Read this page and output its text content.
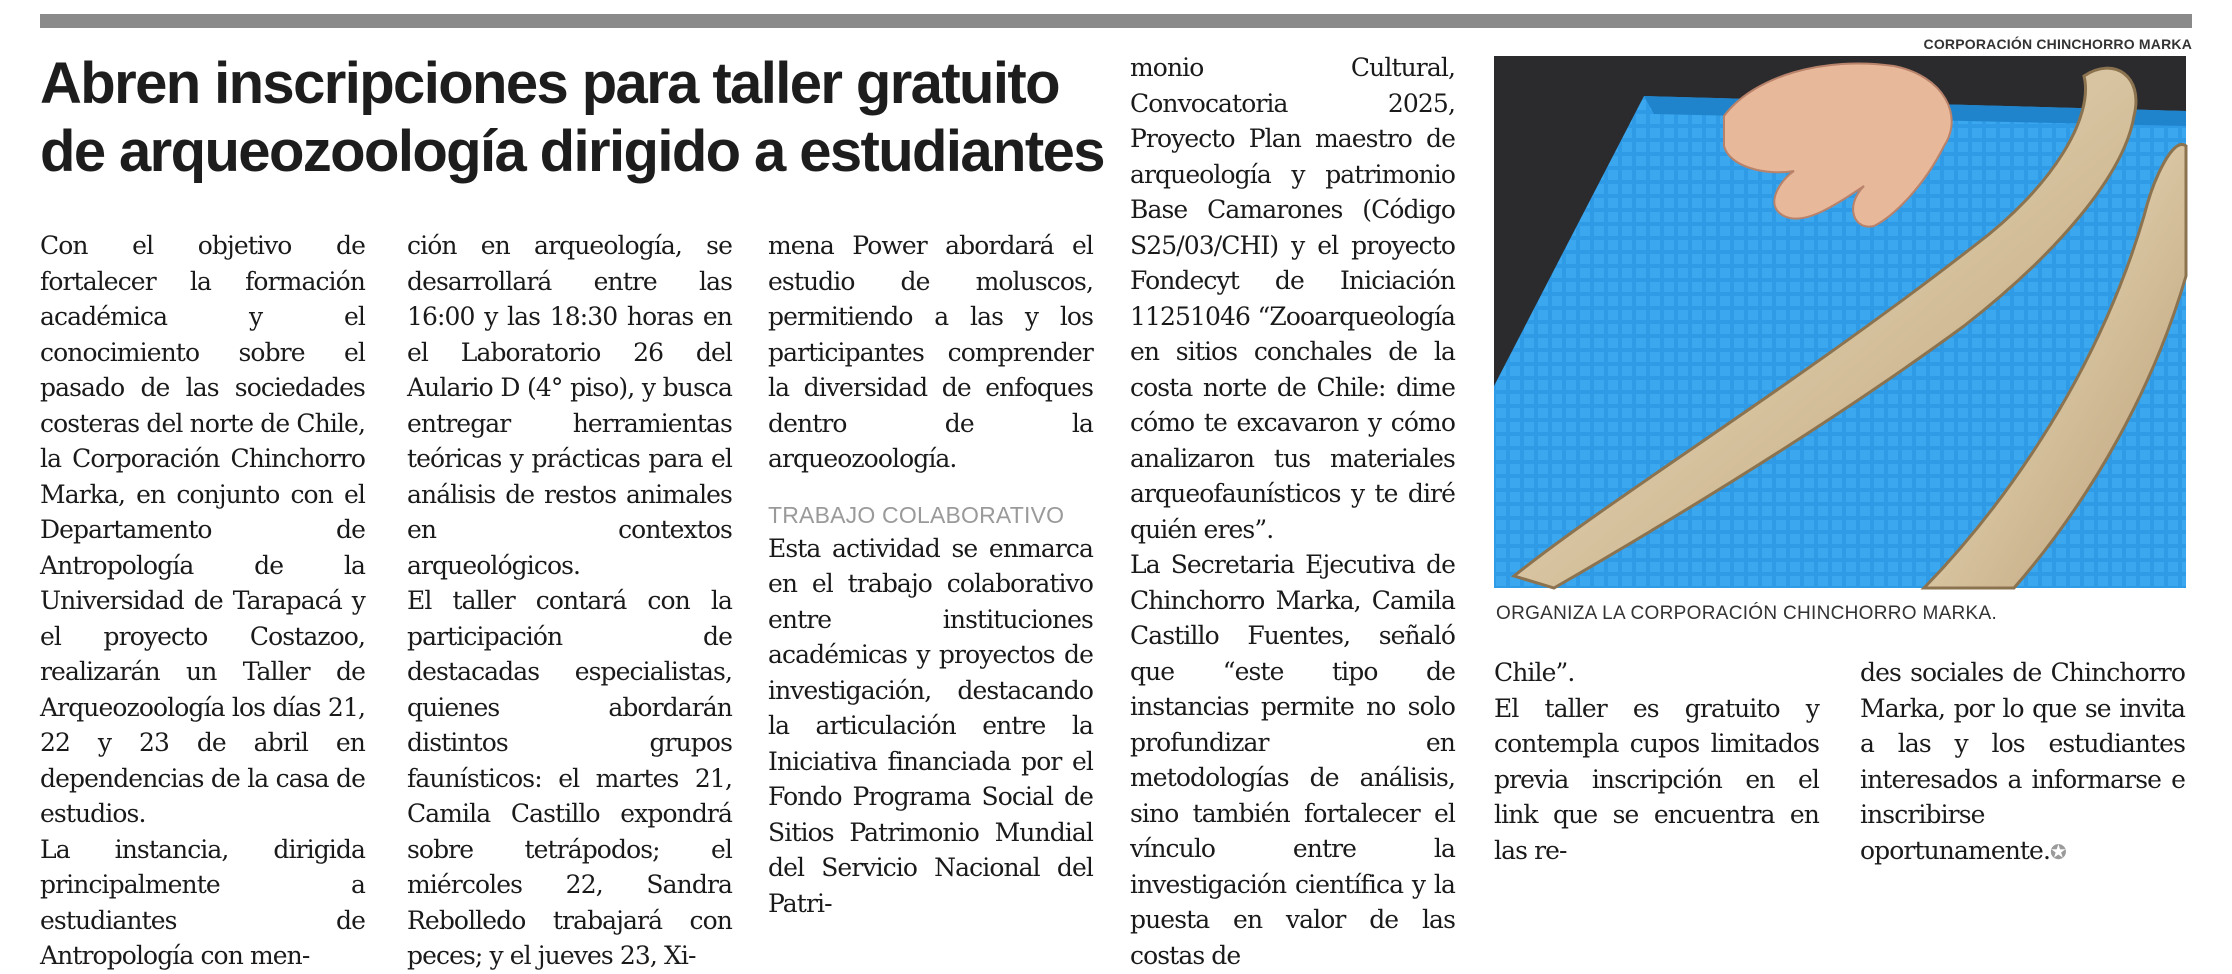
Abren inscripciones para taller gratuito de arqueozoología dirigido a estudiantes
CORPORACIÓN CHINCHORRO MARKA
ORGANIZA LA CORPORACIÓN CHINCHORRO MARKA.

Con el objetivo de fortalecer la formación académica y el conocimiento sobre el pasado de las sociedades costeras del norte de Chile, la Corporación Chinchorro Marka, en conjunto con el Departamento de Antropología de la Universidad de Tarapacá y el proyecto Costazoo, realizarán un Taller de Arqueozoología los días 21, 22 y 23 de abril en dependencias de la casa de estudios.

La instancia, dirigida principalmente a estudiantes de Antropología con men-

ción en arqueología, se desarrollará entre las 16:00 y las 18:30 horas en el Laboratorio 26 del Aulario D (4° piso), y busca entregar herramientas teóricas y prácticas para el análisis de restos animales en contextos arqueológicos.

El taller contará con la participación de destacadas especialistas, quienes abordarán distintos grupos faunísticos: el martes 21, Camila Castillo expondrá sobre tetrápodos; el miércoles 22, Sandra Rebolledo trabajará con peces; y el jueves 23, Xi-

mena Power abordará el estudio de moluscos, permitiendo a las y los participantes comprender la diversidad de enfoques dentro de la arqueozoología.

TRABAJO COLABORATIVO

Esta actividad se enmarca en el trabajo colaborativo entre instituciones académicas y proyectos de investigación, destacando la articulación entre la Iniciativa financiada por el Fondo Programa Social de Sitios Patrimonio Mundial del Servicio Nacional del Patri-

monio Cultural, Convocatoria 2025, Proyecto Plan maestro de arqueología y patrimonio Base Camarones (Código S25/03/CHI) y el proyecto Fondecyt de Iniciación 11251046 “Zooarqueología en sitios conchales de la costa norte de Chile: dime cómo te excavaron y cómo analizaron tus materiales arqueofaunísticos y te diré quién eres”.

La Secretaria Ejecutiva de Chinchorro Marka, Camila Castillo Fuentes, señaló que “este tipo de instancias permite no solo profundizar en metodologías de análisis, sino también fortalecer el vínculo entre la investigación científica y la puesta en valor de las costas de

Chile”.

El taller es gratuito y contempla cupos limitados previa inscripción en el link que se encuentra en las re-

des sociales de Chinchorro Marka, por lo que se invita a las y los estudiantes interesados a informarse e inscribirse oportunamente.✪
